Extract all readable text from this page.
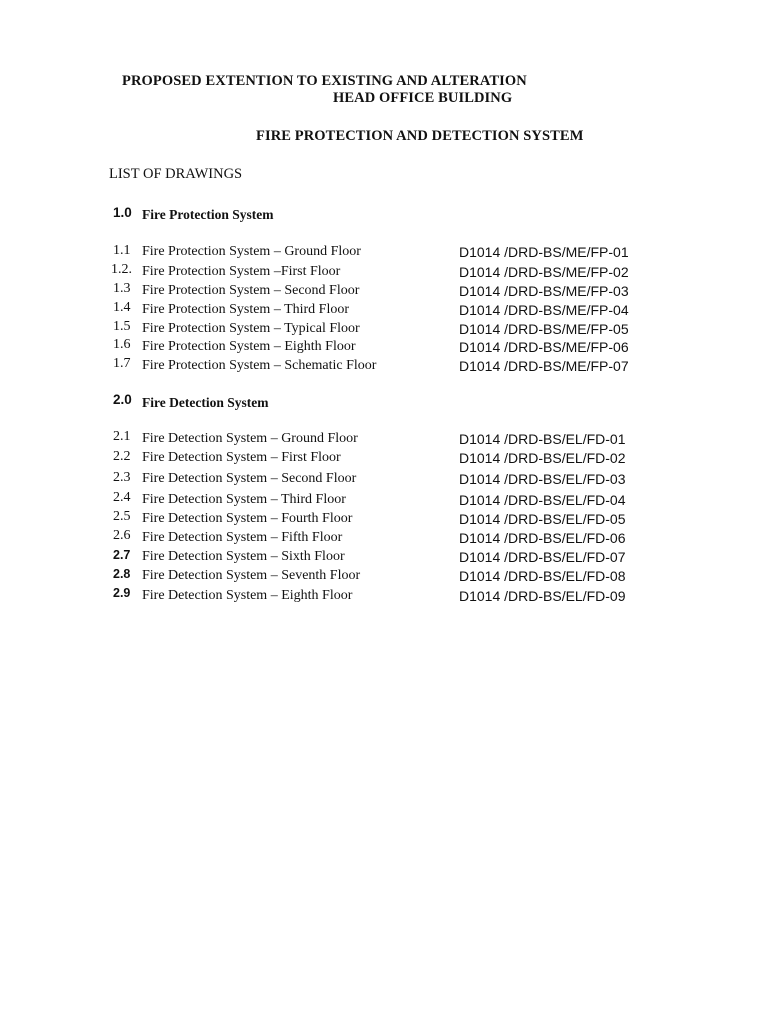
PROPOSED EXTENTION TO EXISTING AND ALTERATION
HEAD OFFICE BUILDING
FIRE PROTECTION AND DETECTION SYSTEM
LIST OF DRAWINGS
1.0 Fire Protection System
1.1 Fire Protection System – Ground Floor	D1014 /DRD-BS/ME/FP-01
1.2. Fire Protection System –First Floor	D1014 /DRD-BS/ME/FP-02
1.3 Fire Protection System – Second Floor	D1014 /DRD-BS/ME/FP-03
1.4 Fire Protection System – Third Floor	D1014 /DRD-BS/ME/FP-04
1.5 Fire Protection System – Typical Floor	D1014 /DRD-BS/ME/FP-05
1.6 Fire Protection System – Eighth Floor	D1014 /DRD-BS/ME/FP-06
1.7 Fire Protection System – Schematic Floor	D1014 /DRD-BS/ME/FP-07
2.0 Fire Detection System
2.1 Fire Detection System – Ground Floor	D1014 /DRD-BS/EL/FD-01
2.2 Fire Detection System – First Floor	D1014 /DRD-BS/EL/FD-02
2.3 Fire Detection System – Second Floor	D1014 /DRD-BS/EL/FD-03
2.4 Fire Detection System – Third Floor	D1014 /DRD-BS/EL/FD-04
2.5 Fire Detection System – Fourth Floor	D1014 /DRD-BS/EL/FD-05
2.6 Fire Detection System – Fifth Floor	D1014 /DRD-BS/EL/FD-06
2.7 Fire Detection System – Sixth Floor	D1014 /DRD-BS/EL/FD-07
2.8 Fire Detection System – Seventh Floor	D1014 /DRD-BS/EL/FD-08
2.9 Fire Detection System – Eighth Floor	D1014 /DRD-BS/EL/FD-09
